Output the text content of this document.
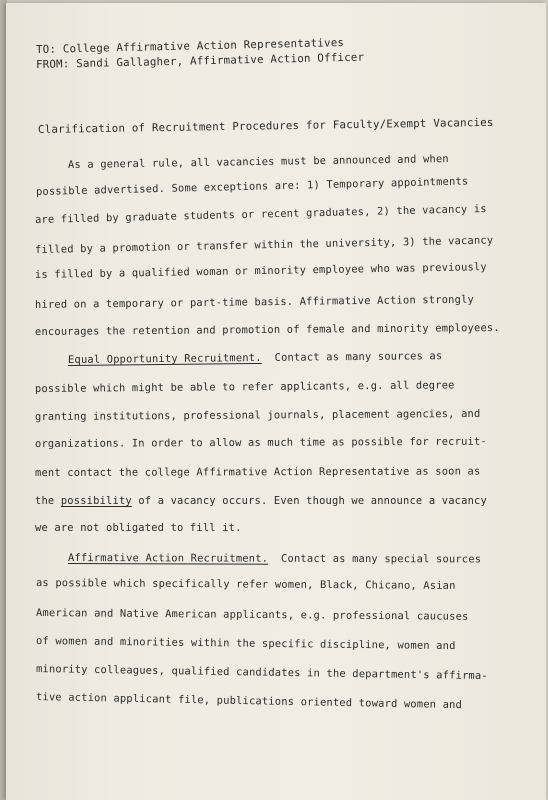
TO: College Affirmative Action Representatives
FROM: Sandi Gallagher, Affirmative Action Officer
Clarification of Recruitment Procedures for Faculty/Exempt Vacancies
As a general rule, all vacancies must be announced and when
possible advertised. Some exceptions are: 1) Temporary appointments
are filled by graduate students or recent graduates, 2) the vacancy is
filled by a promotion or transfer within the university, 3) the vacancy
is filled by a qualified woman or minority employee who was previously
hired on a temporary or part-time basis. Affirmative Action strongly
encourages the retention and promotion of female and minority employees.
Equal Opportunity Recruitment. Contact as many sources as
possible which might be able to refer applicants, e.g. all degree
granting institutions, professional journals, placement agencies, and
organizations. In order to allow as much time as possible for recruit-
ment contact the college Affirmative Action Representative as soon as
the possibility of a vacancy occurs. Even though we announce a vacancy
we are not obligated to fill it.
Affirmative Action Recruitment. Contact as many special sources
as possible which specifically refer women, Black, Chicano, Asian
American and Native American applicants, e.g. professional caucuses
of women and minorities within the specific discipline, women and
minority colleagues, qualified candidates in the department's affirma-
tive action applicant file, publications oriented toward women and
